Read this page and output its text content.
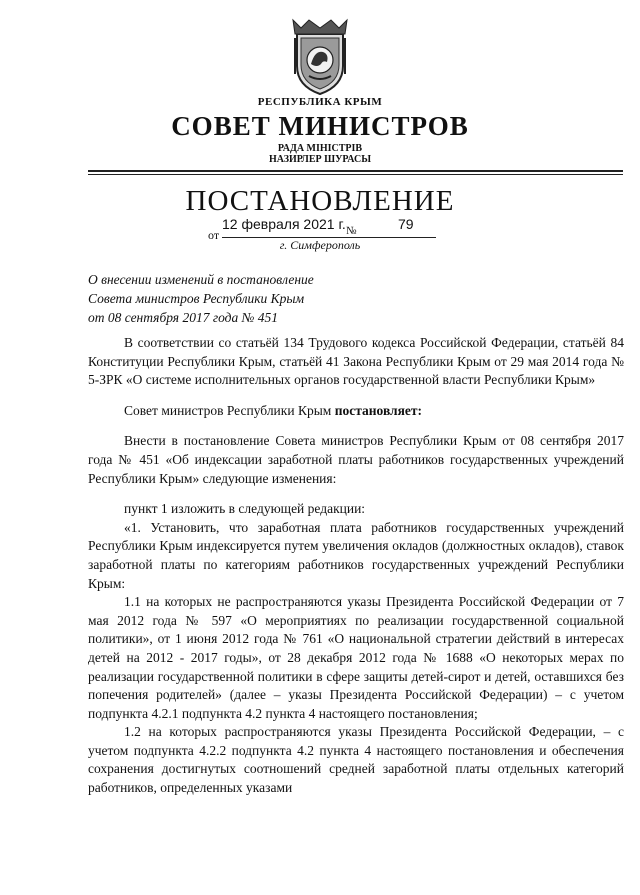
РЕСПУБЛИКА КРЫМ
СОВЕТ МИНИСТРОВ
РАДА МІНІСТРІВ
НАЗИРЛЕР ШУРАСЫ
ПОСТАНОВЛЕНИЕ
от
12 февраля 2021 г. №	79
г. Симферополь
О внесении изменений в постановление
Совета министров Республики Крым
от 08 сентября 2017 года № 451

В соответствии со статьёй 134 Трудового кодекса Российской Федерации, статьёй 84 Конституции Республики Крым, статьёй 41 Закона Республики Крым от 29 мая 2014 года № 5-ЗРК «О системе исполнительных органов государственной власти Республики Крым»

Совет министров Республики Крым постановляет:

Внести в постановление Совета министров Республики Крым от 08 сентября 2017 года № 451 «Об индексации заработной платы работников государственных учреждений Республики Крым» следующие изменения:

пункт 1 изложить в следующей редакции:

«1. Установить, что заработная плата работников государственных учреждений Республики Крым индексируется путем увеличения окладов (должностных окладов), ставок заработной платы по категориям работников государственных учреждений Республики Крым:

1.1 на которых не распространяются указы Президента Российской Федерации от 7 мая 2012 года № 597 «О мероприятиях по реализации государственной социальной политики», от 1 июня 2012 года № 761 «О национальной стратегии действий в интересах детей на 2012 - 2017 годы», от 28 декабря 2012 года № 1688 «О некоторых мерах по реализации государственной политики в сфере защиты детей-сирот и детей, оставшихся без попечения родителей» (далее – указы Президента Российской Федерации) – с учетом подпункта 4.2.1 подпункта 4.2 пункта 4 настоящего постановления;

1.2 на которых распространяются указы Президента Российской Федерации, – с учетом подпункта 4.2.2 подпункта 4.2 пункта 4 настоящего постановления и обеспечения сохранения достигнутых соотношений средней заработной платы отдельных категорий работников, определенных указами
